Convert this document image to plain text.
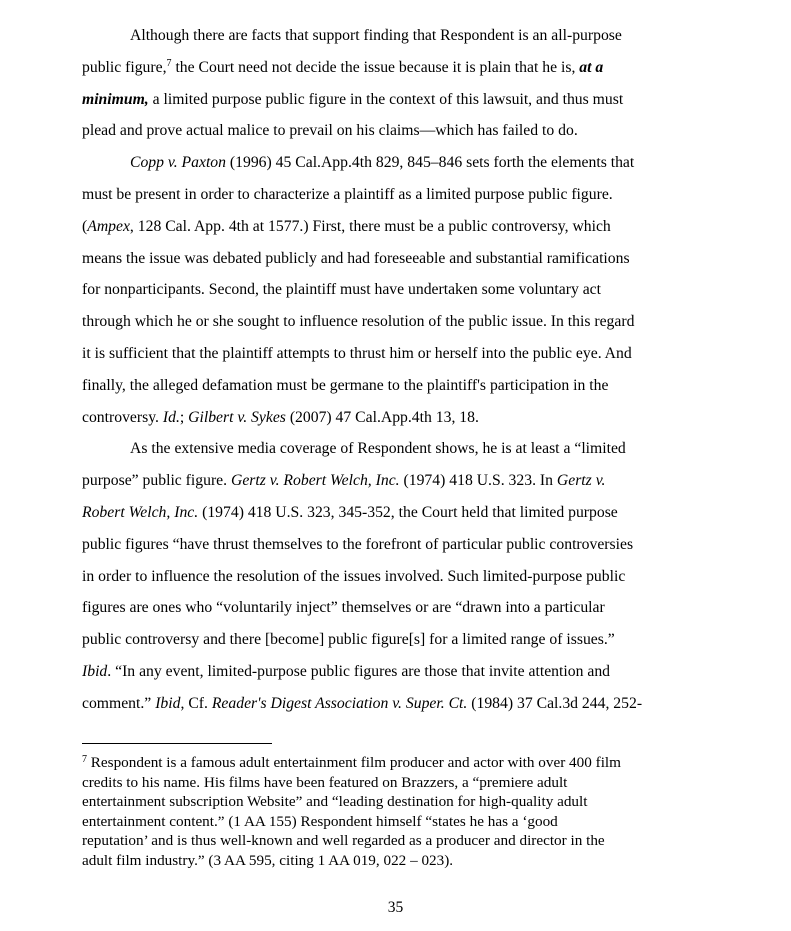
Although there are facts that support finding that Respondent is an all-purpose
public figure,$^7$ the Court need not decide the issue because it is plain that he is, at a
minimum, a limited purpose public figure in the context of this lawsuit, and thus must
plead and prove actual malice to prevail on his claims—which has failed to do.
Copp v. Paxton (1996) 45 Cal.App.4th 829, 845–846 sets forth the elements that
must be present in order to characterize a plaintiff as a limited purpose public figure.
(Ampex, 128 Cal. App. 4th at 1577.) First, there must be a public controversy, which
means the issue was debated publicly and had foreseeable and substantial ramifications
for nonparticipants. Second, the plaintiff must have undertaken some voluntary act
through which he or she sought to influence resolution of the public issue. In this regard
it is sufficient that the plaintiff attempts to thrust him or herself into the public eye. And
finally, the alleged defamation must be germane to the plaintiff's participation in the
controversy. Id.; Gilbert v. Sykes (2007) 47 Cal.App.4th 13, 18.
As the extensive media coverage of Respondent shows, he is at least a “limited
purpose” public figure. Gertz v. Robert Welch, Inc. (1974) 418 U.S. 323. In Gertz v.
Robert Welch, Inc. (1974) 418 U.S. 323, 345-352, the Court held that limited purpose
public figures “have thrust themselves to the forefront of particular public controversies
in order to influence the resolution of the issues involved. Such limited-purpose public
figures are ones who “voluntarily inject” themselves or are “drawn into a particular
public controversy and there [become] public figure[s] for a limited range of issues.”
Ibid. “In any event, limited-purpose public figures are those that invite attention and
comment.” Ibid, Cf. Reader's Digest Association v. Super. Ct. (1984) 37 Cal.3d 244, 252-
$^7$ Respondent is a famous adult entertainment film producer and actor with over 400 film
credits to his name. His films have been featured on Brazzers, a “premiere adult
entertainment subscription Website” and “leading destination for high-quality adult
entertainment content.” (1 AA 155) Respondent himself “states he has a ‘good
reputation’ and is thus well-known and well regarded as a producer and director in the
adult film industry.” (3 AA 595, citing 1 AA 019, 022 – 023).
35
